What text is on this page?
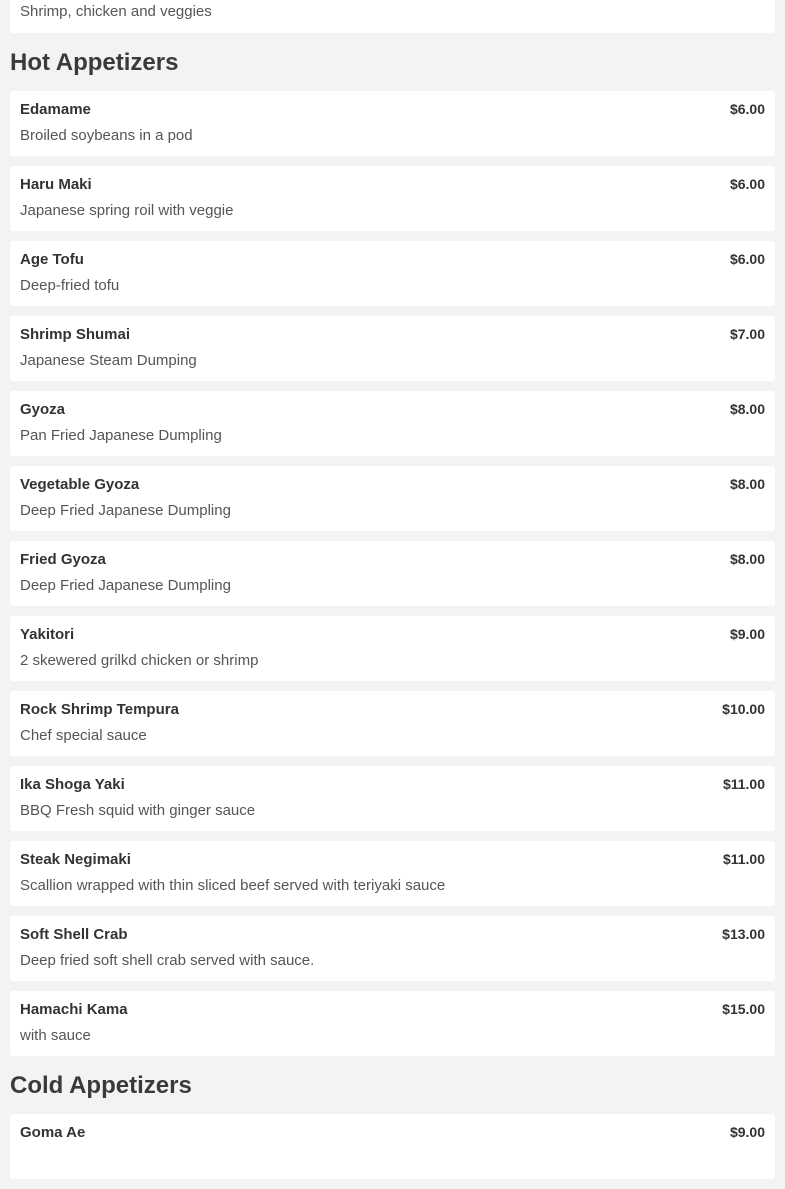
Shrimp, chicken and veggies
Hot Appetizers
Edamame	$6.00
Broiled soybeans in a pod
Haru Maki	$6.00
Japanese spring roil with veggie
Age Tofu	$6.00
Deep-fried tofu
Shrimp Shumai	$7.00
Japanese Steam Dumping
Gyoza	$8.00
Pan Fried Japanese Dumpling
Vegetable Gyoza	$8.00
Deep Fried Japanese Dumpling
Fried Gyoza	$8.00
Deep Fried Japanese Dumpling
Yakitori	$9.00
2 skewered grilkd chicken or shrimp
Rock Shrimp Tempura	$10.00
Chef special sauce
Ika Shoga Yaki	$11.00
BBQ Fresh squid with ginger sauce
Steak Negimaki	$11.00
Scallion wrapped with thin sliced beef served with teriyaki sauce
Soft Shell Crab	$13.00
Deep fried soft shell crab served with sauce.
Hamachi Kama	$15.00
with sauce
Cold Appetizers
Goma Ae	$9.00
